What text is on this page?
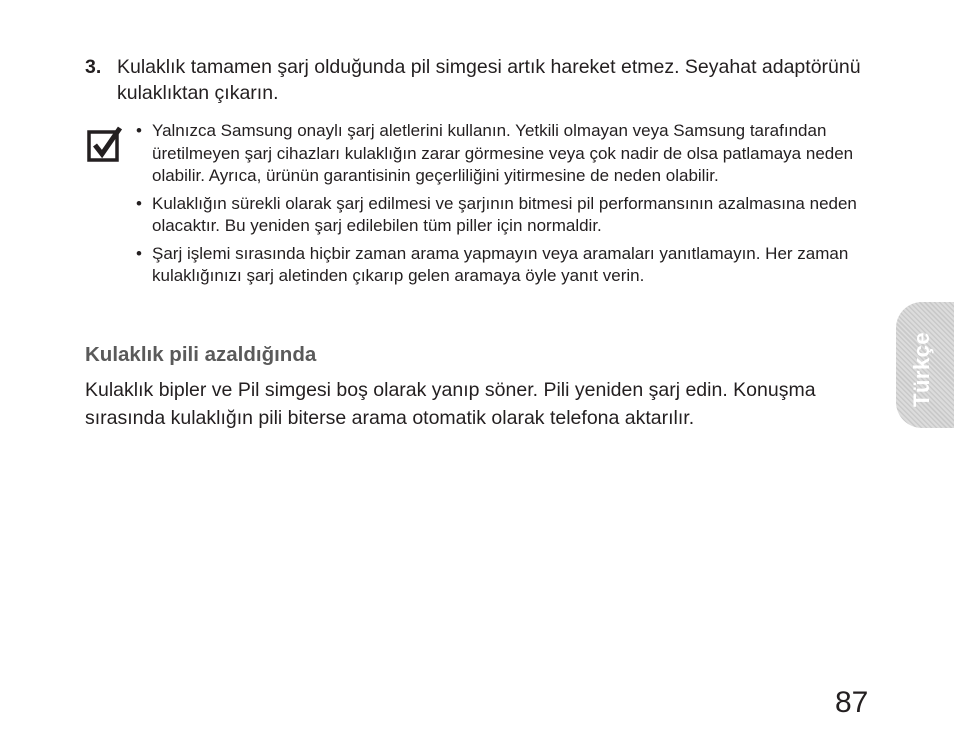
3. Kulaklık tamamen şarj olduğunda pil simgesi artık hareket etmez. Seyahat adaptörünü kulaklıktan çıkarın.
• Yalnızca Samsung onaylı şarj aletlerini kullanın. Yetkili olmayan veya Samsung tarafından üretilmeyen şarj cihazları kulaklığın zarar görmesine veya çok nadir de olsa patlamaya neden olabilir. Ayrıca, ürünün garantisinin geçerliliğini yitirmesine de neden olabilir.
• Kulaklığın sürekli olarak şarj edilmesi ve şarjının bitmesi pil performansının azalmasına neden olacaktır. Bu yeniden şarj edilebilen tüm piller için normaldir.
• Şarj işlemi sırasında hiçbir zaman arama yapmayın veya aramaları yanıtlamayın. Her zaman kulaklığınızı şarj aletinden çıkarıp gelen aramaya öyle yanıt verin.
Kulaklık pili azaldığında

Kulaklık bipler ve Pil simgesi boş olarak yanıp söner. Pili yeniden şarj edin. Konuşma sırasında kulaklığın pili biterse arama otomatik olarak telefona aktarılır.

Türkçe
87
